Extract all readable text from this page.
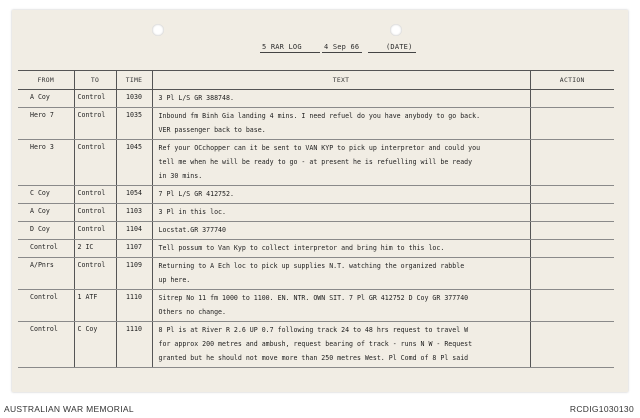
5 RAR LOG	4 Sep 66	(DATE)
FROM	TO	TIME	TEXT	ACTION
A Coy	Control	1030	3 Pl L/S GR 388748.	

Hero 7	Control	1035	Inbound fm Binh Gia landing 4 mins. I need refuel do you have anybody to go back.
VER passenger back to base.	

Hero 3	Control	1045	Ref your OCchopper can it be sent to VAN KYP to pick up interpretor and could you
tell me when he will be ready to go - at present he is refuelling will be ready
in 30 mins.	

C Coy	Control	1054	7 Pl L/S GR 412752.	

A Coy	Control	1103	3 Pl in this loc.	

D Coy	Control	1104	Locstat.GR 377740	

Control	2 IC	1107	Tell possum to Van Kyp to collect interpretor and bring him to this loc.	

A/Pnrs	Control	1109	Returning to A Ech loc to pick up supplies N.T. watching the organized rabble
up here.	

Control	1 ATF	1110	Sitrep No 11 fm 1000 to 1100. EN. NTR. OWN SIT. 7 Pl GR 412752 D Coy GR 377740
Others no change.	

Control	C Coy	1110	8 Pl is at River R 2.6 UP 0.7 following track 24 to 48 hrs request to travel W
for approx 200 metres and ambush, request bearing of track - runs N W - Request
granted but he should not move more than 250 metres West. Pl Comd of 8 Pl said	

AUSTRALIAN WAR MEMORIAL	RCDIG1030130
